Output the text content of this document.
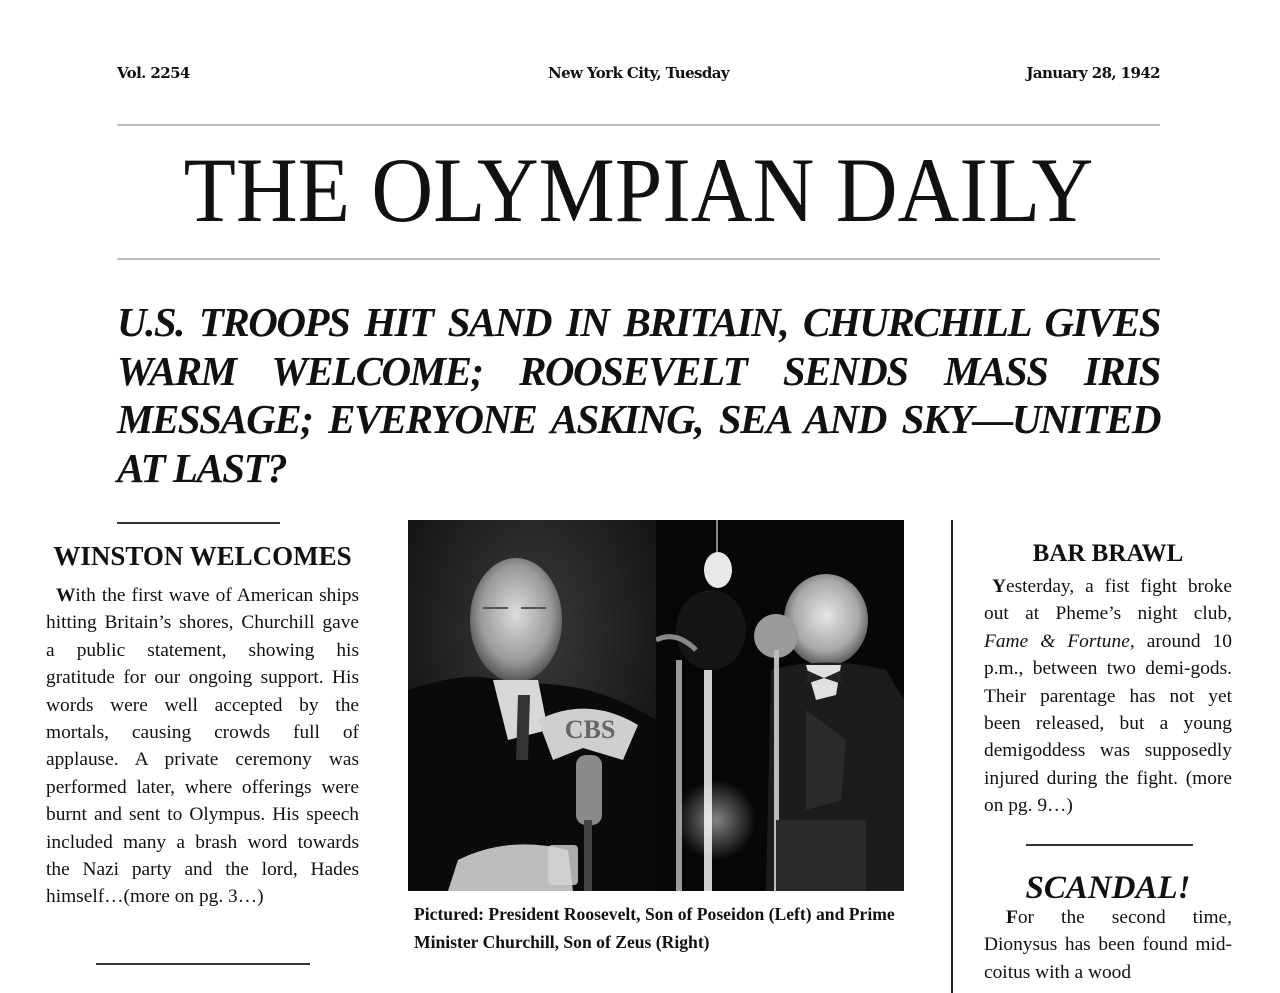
Vol. 2254	New York City, Tuesday	January 28, 1942
THE OLYMPIAN DAILY
U.S. TROOPS HIT SAND IN BRITAIN, CHURCHILL GIVES WARM WELCOME; ROOSEVELT SENDS MASS IRIS MESSAGE; EVERYONE ASKING, SEA AND SKY—UNITED AT LAST?
WINSTON WELCOMES

With the first wave of American ships hitting Britain’s shores, Churchill gave a public statement, showing his gratitude for our ongoing support. His words were well accepted by the mortals, causing crowds full of applause. A private ceremony was performed later, where offerings were burnt and sent to Olympus. His speech included many a brash word towards the Nazi party and the lord, Hades himself…(more on pg. 3…)

CBS
Pictured: President Roosevelt, Son of Poseidon (Left) and Prime Minister Churchill, Son of Zeus (Right)
BAR BRAWL

Yesterday, a fist fight broke out at Pheme’s night club, Fame & Fortune, around 10 p.m., between two demi-gods. Their parentage has not yet been released, but a young demigoddess was supposedly injured during the fight. (more on pg. 9…)

SCANDAL!

For the second time, Dionysus has been found mid-coitus with a wood
